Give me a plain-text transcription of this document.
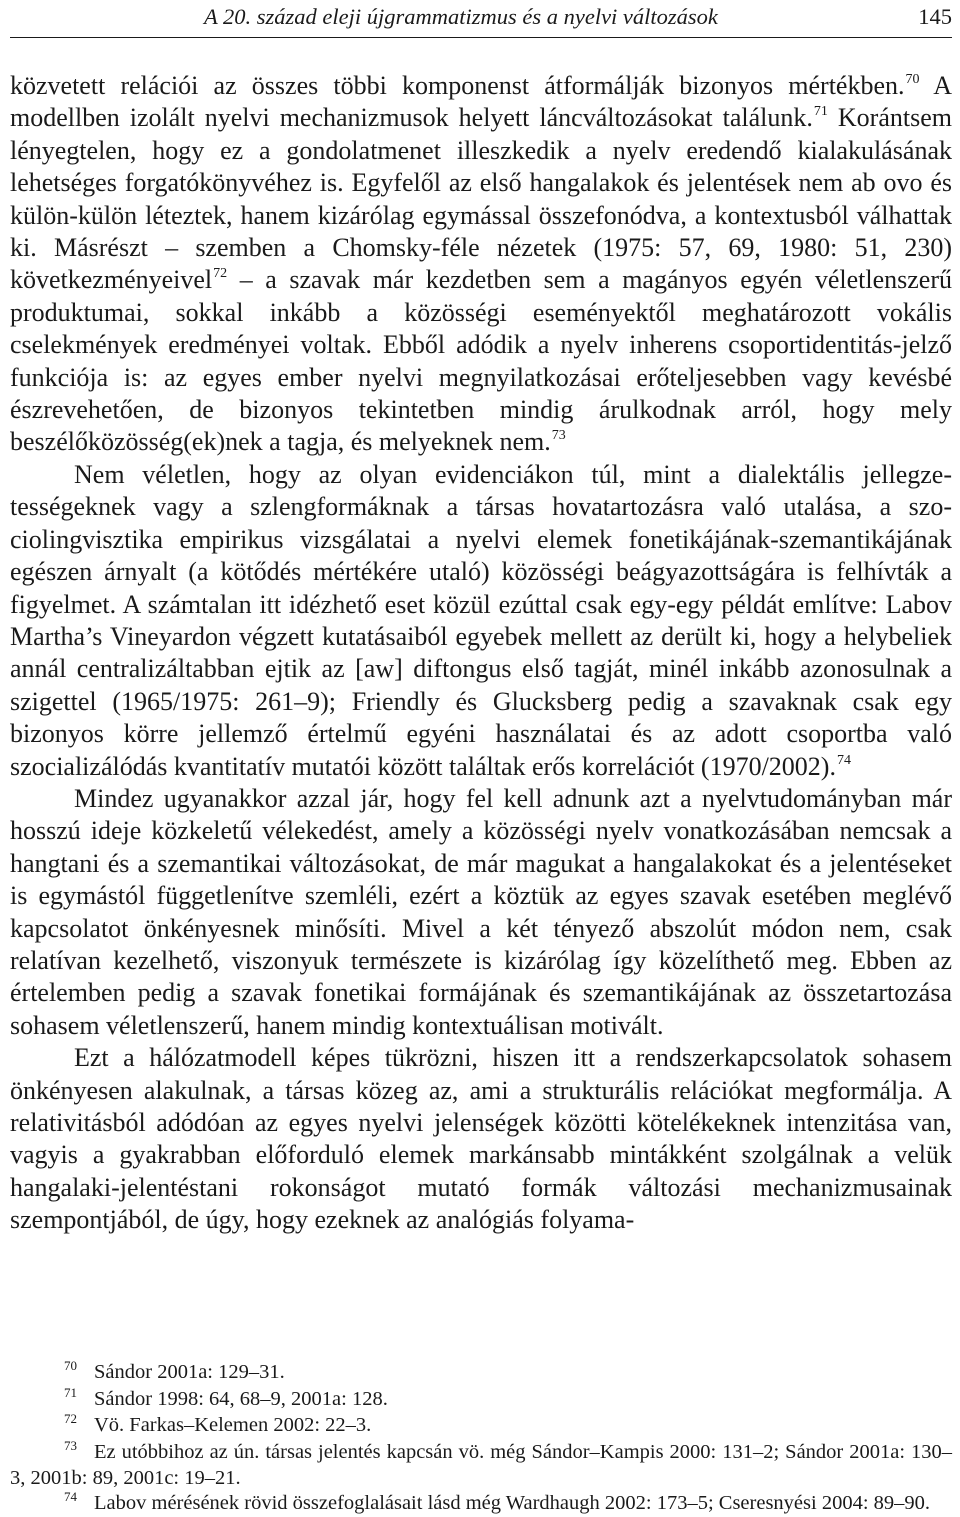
A 20. század eleji újgrammatizmus és a nyelvi változások	145

közvetett relációi az összes többi komponenst átformálják bizonyos mértékben.$^{70}$ A modellben izolált nyelvi mechanizmusok helyett láncváltozásokat találunk.$^{71}$ Korántsem lényegtelen, hogy ez a gondolatmenet illeszkedik a nyelv eredendő kialakulásának lehetséges forgatókönyvéhez is. Egyfelől az első hangalakok és jelentések nem ab ovo és külön-külön léteztek, hanem kizárólag egymással összefonódva, a kontextusból válhattak ki. Másrészt – szemben a Chomsky-féle nézetek (1975: 57, 69, 1980: 51, 230) következményeivel$^{72}$ – a szavak már kezdetben sem a magányos egyén véletlenszerű produktumai, sokkal inkább a közösségi eseményektől meghatározott vokális cselekmények eredményei voltak. Ebből adódik a nyelv inherens csoportidentitás-jelző funkciója is: az egyes ember nyelvi megnyilatkozásai erőteljesebben vagy kevésbé észrevehetően, de bizonyos tekintetben mindig árulkodnak arról, hogy mely beszélőközösség(ek)nek a tagja, és melyeknek nem.$^{73}$

Nem véletlen, hogy az olyan evidenciákon túl, mint a dialektális jellegzetességeknek vagy a szlengformáknak a társas hovatartozásra való utalása, a szociolingvisztika empirikus vizsgálatai a nyelvi elemek fonetikájának-szemantikájának egészen árnyalt (a kötődés mértékére utaló) közösségi beágyazottságára is felhívták a figyelmet. A számtalan itt idézhető eset közül ezúttal csak egy-egy példát említve: Labov Martha’s Vineyardon végzett kutatásaiból egyebek mellett az derült ki, hogy a helybeliek annál centralizáltabban ejtik az [aw] diftongus első tagját, minél inkább azonosulnak a szigettel (1965/1975: 261–9); Friendly és Glucksberg pedig a szavaknak csak egy bizonyos körre jellemző értelmű egyéni használatai és az adott csoportba való szocializálódás kvantitatív mutatói között találtak erős korrelációt (1970/2002).$^{74}$

Mindez ugyanakkor azzal jár, hogy fel kell adnunk azt a nyelvtudományban már hosszú ideje közkeletű vélekedést, amely a közösségi nyelv vonatkozásában nemcsak a hangtani és a szemantikai változásokat, de már magukat a hangalakokat és a jelentéseket is egymástól függetlenítve szemléli, ezért a köztük az egyes szavak esetében meglévő kapcsolatot önkényesnek minősíti. Mivel a két tényező abszolút módon nem, csak relatívan kezelhető, viszonyuk természete is kizárólag így közelíthető meg. Ebben az értelemben pedig a szavak fonetikai formájának és szemantikájának az összetartozása sohasem véletlenszerű, hanem mindig kontextuálisan motivált.

Ezt a hálózatmodell képes tükrözni, hiszen itt a rendszerkapcsolatok sohasem önkényesen alakulnak, a társas közeg az, ami a strukturális relációkat megformálja. A relativitásból adódóan az egyes nyelvi jelenségek közötti kötelékeknek intenzitása van, vagyis a gyakrabban előforduló elemek markánsabb mintákként szolgálnak a velük hangalaki-jelentéstani rokonságot mutató formák változási mechanizmusainak szempontjából, de úgy, hogy ezeknek az analógiás folyama-

70 Sándor 2001a: 129–31.

71 Sándor 1998: 64, 68–9, 2001a: 128.

72 Vö. Farkas–Kelemen 2002: 22–3.

73 Ez utóbbihoz az ún. társas jelentés kapcsán vö. még Sándor–Kampis 2000: 131–2; Sándor 2001a: 130–3, 2001b: 89, 2001c: 19–21.

74 Labov mérésének rövid összefoglalásait lásd még Wardhaugh 2002: 173–5; Cseresnyési 2004: 89–90.
